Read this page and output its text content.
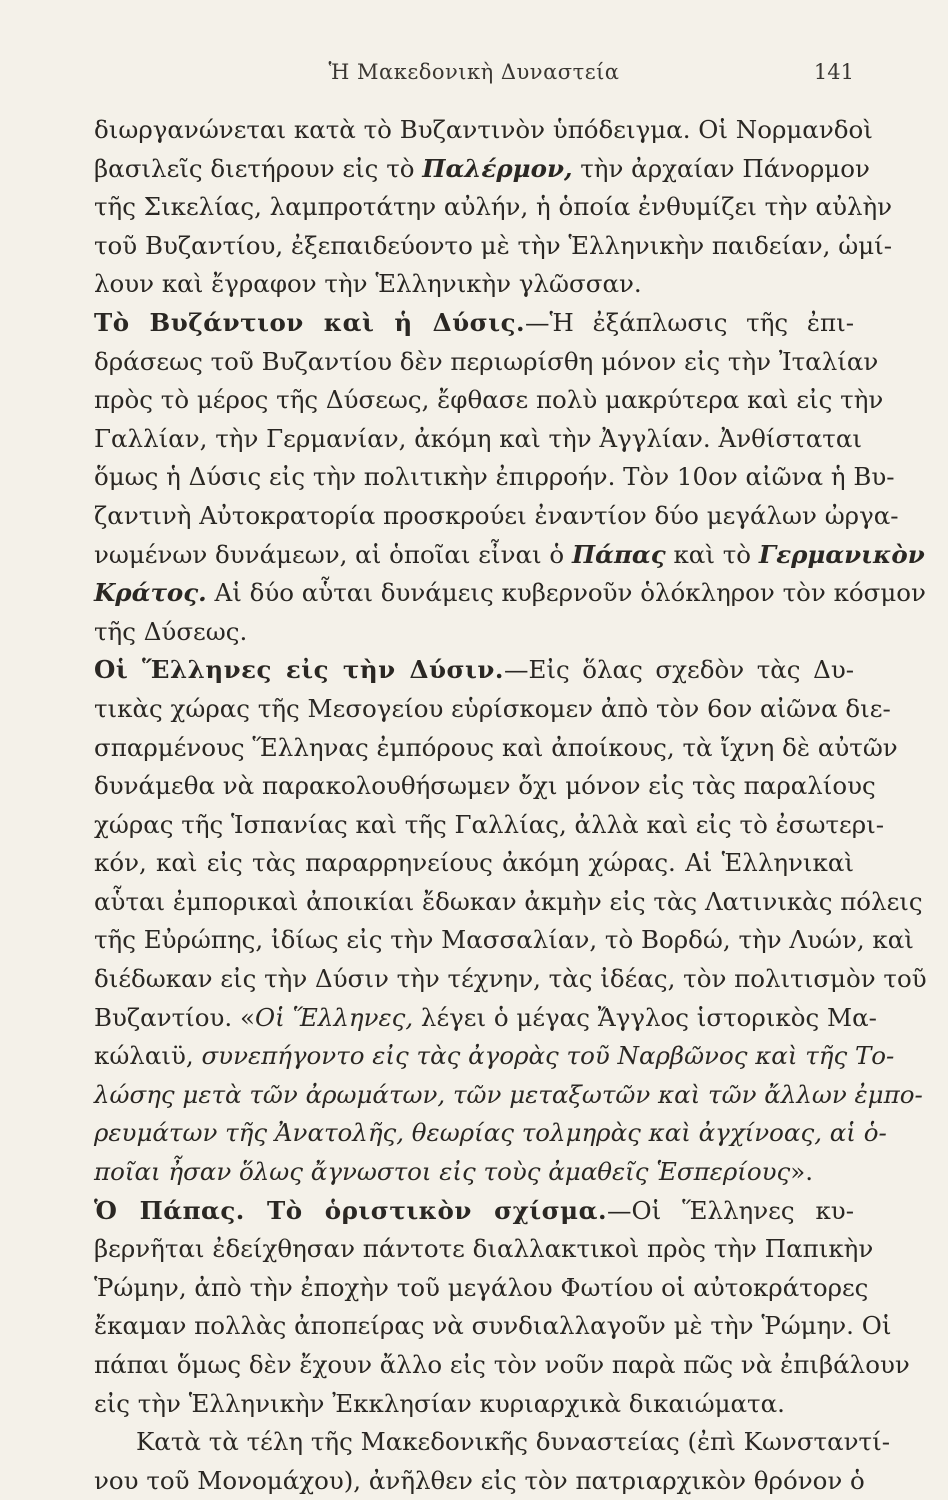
Ἡ Μακεδονικὴ Δυναστεία	141
διωργανώνεται κατὰ τὸ Βυζαντινὸν ὑπόδειγμα. Οἱ Νορμανδοὶ
βασιλεῖς διετήρουν εἰς τὸ Παλέρμον, τὴν ἀρχαίαν Πάνορμον
τῆς Σικελίας, λαμπροτάτην αὐλήν, ἡ ὁποία ἐνθυμίζει τὴν αὐλὴν
τοῦ Βυζαντίου, ἐξεπαιδεύοντο μὲ τὴν Ἑλληνικὴν παιδείαν, ὡμί-
λουν καὶ ἔγραφον τὴν Ἑλληνικὴν γλῶσσαν.
Τὸ Βυζάντιον καὶ ἡ Δύσις.—Ἡ ἐξάπλωσις τῆς ἐπι-
δράσεως τοῦ Βυζαντίου δὲν περιωρίσθη μόνον εἰς τὴν Ἰταλίαν
πρὸς τὸ μέρος τῆς Δύσεως, ἔφθασε πολὺ μακρύτερα καὶ εἰς τὴν
Γαλλίαν, τὴν Γερμανίαν, ἀκόμη καὶ τὴν Ἀγγλίαν. Ἀνθίσταται
ὅμως ἡ Δύσις εἰς τὴν πολιτικὴν ἐπιρροήν. Τὸν 10ον αἰῶνα ἡ Βυ-
ζαντινὴ Αὐτοκρατορία προσκρούει ἐναντίον δύο μεγάλων ὠργα-
νωμένων δυνάμεων, αἱ ὁποῖαι εἶναι ὁ Πάπας καὶ τὸ Γερμανικὸν
Κράτος. Αἱ δύο αὗται δυνάμεις κυβερνοῦν ὁλόκληρον τὸν κόσμον
τῆς Δύσεως.
Οἱ Ἕλληνες εἰς τὴν Δύσιν.—Εἰς ὅλας σχεδὸν τὰς Δυ-
τικὰς χώρας τῆς Μεσογείου εὑρίσκομεν ἀπὸ τὸν 6ον αἰῶνα διε-
σπαρμένους Ἕλληνας ἐμπόρους καὶ ἀποίκους, τὰ ἴχνη δὲ αὐτῶν
δυνάμεθα νὰ παρακολουθήσωμεν ὄχι μόνον εἰς τὰς παραλίους
χώρας τῆς Ἱσπανίας καὶ τῆς Γαλλίας, ἀλλὰ καὶ εἰς τὸ ἐσωτερι-
κόν, καὶ εἰς τὰς παραρρηνείους ἀκόμη χώρας. Αἱ Ἑλληνικαὶ
αὗται ἐμπορικαὶ ἀποικίαι ἔδωκαν ἀκμὴν εἰς τὰς Λατινικὰς πόλεις
τῆς Εὐρώπης, ἰδίως εἰς τὴν Μασσαλίαν, τὸ Βορδώ, τὴν Λυών, καὶ
διέδωκαν εἰς τὴν Δύσιν τὴν τέχνην, τὰς ἰδέας, τὸν πολιτισμὸν τοῦ
Βυζαντίου. «Οἱ Ἕλληνες, λέγει ὁ μέγας Ἄγγλος ἱστορικὸς Μα-
κώλαιϋ, συνεπήγοντο εἰς τὰς ἀγορὰς τοῦ Ναρβῶνος καὶ τῆς Το-
λώσης μετὰ τῶν ἀρωμάτων, τῶν μεταξωτῶν καὶ τῶν ἄλλων ἐμπο-
ρευμάτων τῆς Ἀνατολῆς, θεωρίας τολμηρὰς καὶ ἀγχίνοας, αἱ ὁ-
ποῖαι ἦσαν ὅλως ἄγνωστοι εἰς τοὺς ἀμαθεῖς Ἑσπερίους».
Ὁ Πάπας. Τὸ ὁριστικὸν σχίσμα.—Οἱ Ἕλληνες κυ-
βερνῆται ἐδείχθησαν πάντοτε διαλλακτικοὶ πρὸς τὴν Παπικὴν
Ῥώμην, ἀπὸ τὴν ἐποχὴν τοῦ μεγάλου Φωτίου οἱ αὐτοκράτορες
ἔκαμαν πολλὰς ἀποπείρας νὰ συνδιαλλαγοῦν μὲ τὴν Ῥώμην. Οἱ
πάπαι ὅμως δὲν ἔχουν ἄλλο εἰς τὸν νοῦν παρὰ πῶς νὰ ἐπιβάλουν
εἰς τὴν Ἑλληνικὴν Ἐκκλησίαν κυριαρχικὰ δικαιώματα.
Κατὰ τὰ τέλη τῆς Μακεδονικῆς δυναστείας (ἐπὶ Κωνσταντί-
νου τοῦ Μονομάχου), ἀνῆλθεν εἰς τὸν πατριαρχικὸν θρόνον ὁ
